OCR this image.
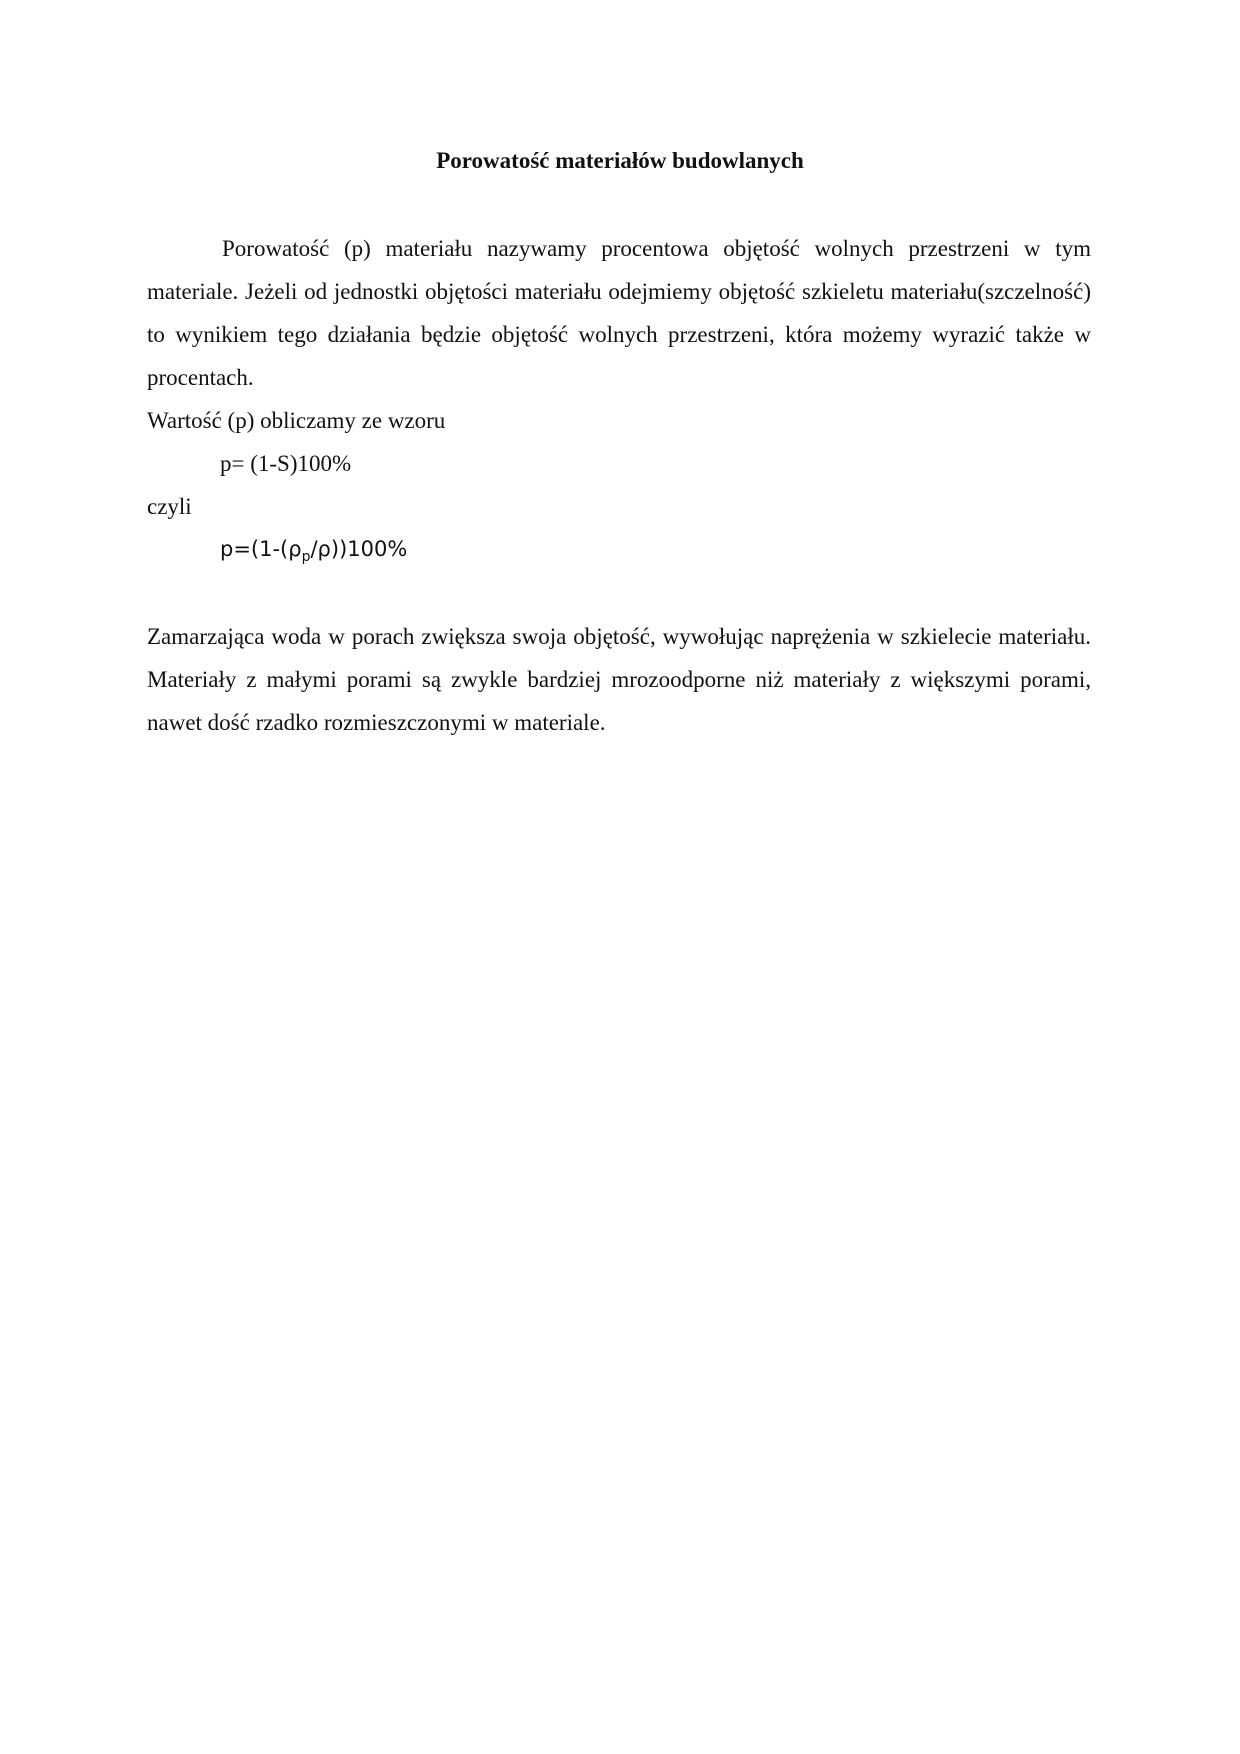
Porowatość materiałów budowlanych

Porowatość (p) materiału nazywamy procentowa objętość wolnych przestrzeni w tym materiale. Jeżeli od jednostki objętości materiału odejmiemy objętość szkieletu materiału(szczelność) to wynikiem tego działania będzie objętość wolnych przestrzeni, która możemy wyrazić także w procentach.

Wartość (p) obliczamy ze wzoru

p= (1-S)100%

czyli

$p=(1-(\rho_p/\rho))100\%$

Zamarzająca woda w porach zwiększa swoja objętość, wywołując naprężenia w szkielecie materiału. Materiały z małymi porami są zwykle bardziej mrozoodporne niż materiały z większymi porami, nawet dość rzadko rozmieszczonymi w materiale.
